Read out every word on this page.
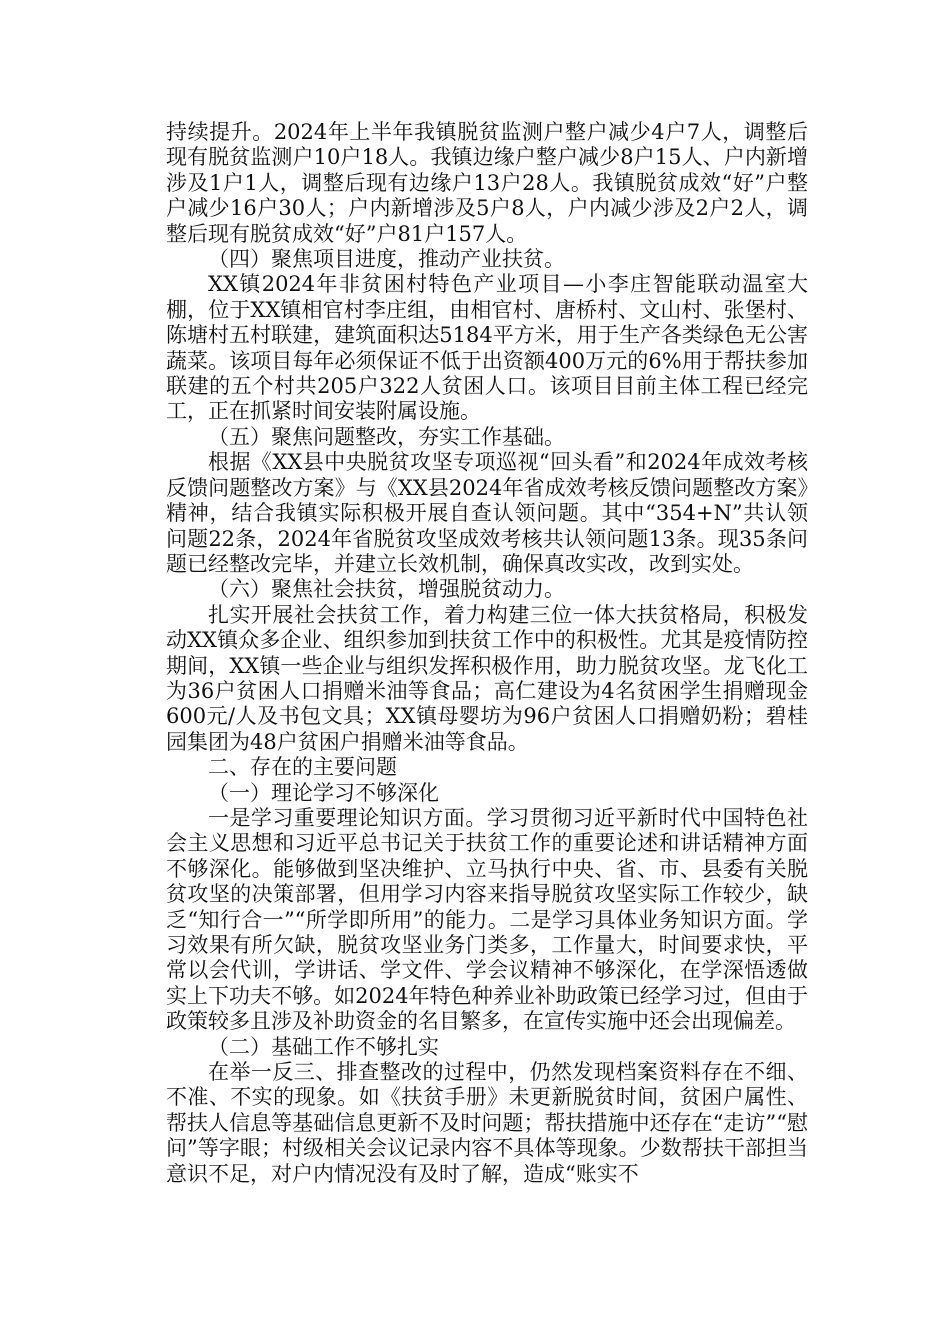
持续提升。2024年上半年我镇脱贫监测户整户减少4户7人，调整后现有脱贫监测户10户18人。我镇边缘户整户减少8户15人、户内新增涉及1户1人，调整后现有边缘户13户28人。我镇脱贫成效“好”户整户减少16户30人；户内新增涉及5户8人，户内减少涉及2户2人，调整后现有脱贫成效“好”户81户157人。

（四）聚焦项目进度，推动产业扶贫。

XX镇2024年非贫困村特色产业项目—小李庄智能联动温室大棚，位于XX镇相官村李庄组，由相官村、唐桥村、文山村、张堡村、陈塘村五村联建，建筑面积达5184平方米，用于生产各类绿色无公害蔬菜。该项目每年必须保证不低于出资额400万元的6%用于帮扶参加联建的五个村共205户322人贫困人口。该项目目前主体工程已经完工，正在抓紧时间安装附属设施。

（五）聚焦问题整改，夯实工作基础。

根据《XX县中央脱贫攻坚专项巡视“回头看”和2024年成效考核反馈问题整改方案》与《XX县2024年省成效考核反馈问题整改方案》精神，结合我镇实际积极开展自查认领问题。其中“354+N”共认领问题22条，2024年省脱贫攻坚成效考核共认领问题13条。现35条问题已经整改完毕，并建立长效机制，确保真改实改，改到实处。

（六）聚焦社会扶贫，增强脱贫动力。

扎实开展社会扶贫工作，着力构建三位一体大扶贫格局，积极发动XX镇众多企业、组织参加到扶贫工作中的积极性。尤其是疫情防控期间，XX镇一些企业与组织发挥积极作用，助力脱贫攻坚。龙飞化工为36户贫困人口捐赠米油等食品；高仁建设为4名贫困学生捐赠现金600元/人及书包文具；XX镇母婴坊为96户贫困人口捐赠奶粉；碧桂园集团为48户贫困户捐赠米油等食品。

二、存在的主要问题

（一）理论学习不够深化

一是学习重要理论知识方面。学习贯彻习近平新时代中国特色社会主义思想和习近平总书记关于扶贫工作的重要论述和讲话精神方面不够深化。能够做到坚决维护、立马执行中央、省、市、县委有关脱贫攻坚的决策部署，但用学习内容来指导脱贫攻坚实际工作较少，缺乏“知行合一”“所学即所用”的能力。二是学习具体业务知识方面。学习效果有所欠缺，脱贫攻坚业务门类多，工作量大，时间要求快，平常以会代训，学讲话、学文件、学会议精神不够深化，在学深悟透做实上下功夫不够。如2024年特色种养业补助政策已经学习过，但由于政策较多且涉及补助资金的名目繁多，在宣传实施中还会出现偏差。

（二）基础工作不够扎实

在举一反三、排查整改的过程中，仍然发现档案资料存在不细、不准、不实的现象。如《扶贫手册》未更新脱贫时间，贫困户属性、帮扶人信息等基础信息更新不及时问题；帮扶措施中还存在“走访”“慰问”等字眼；村级相关会议记录内容不具体等现象。少数帮扶干部担当意识不足，对户内情况没有及时了解，造成“账实不
